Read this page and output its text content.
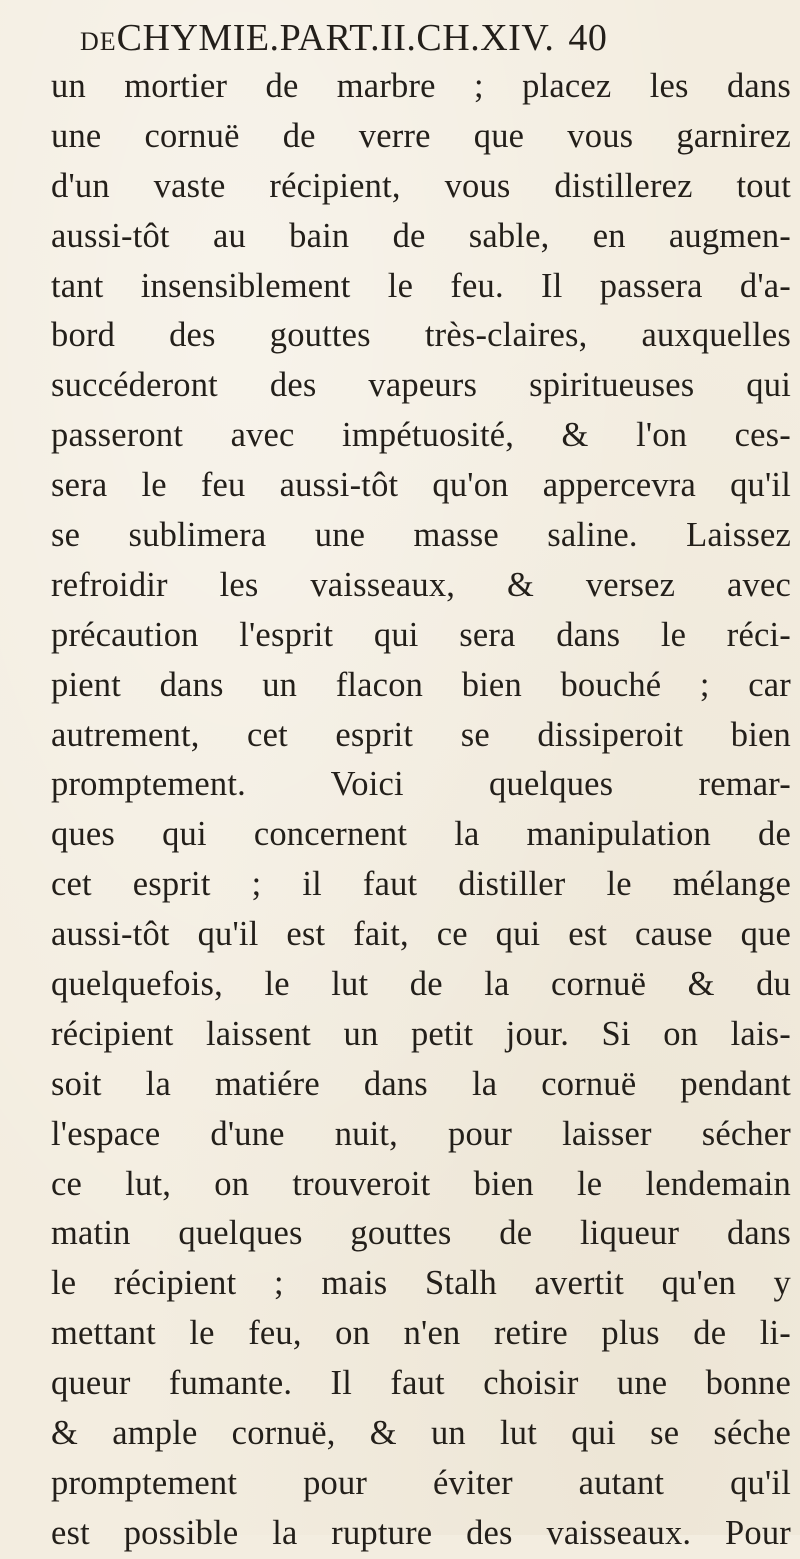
DECHYMIE.PART.II.CH.XIV. 40
un mortier de marbre ; placez les dans
une cornuë de verre que vous garnirez
d'un vaste récipient, vous distillerez tout
aussi-tôt au bain de sable, en augmen-
tant insensiblement le feu. Il passera d'a-
bord des gouttes très-claires, auxquelles
succéderont des vapeurs spiritueuses qui
passeront avec impétuosité, & l'on ces-
sera le feu aussi-tôt qu'on appercevra qu'il
se sublimera une masse saline. Laissez
refroidir les vaisseaux, & versez avec
précaution l'esprit qui sera dans le réci-
pient dans un flacon bien bouché ; car
autrement, cet esprit se dissiperoit bien
promptement. Voici quelques remar-
ques qui concernent la manipulation de
cet esprit ; il faut distiller le mélange
aussi-tôt qu'il est fait, ce qui est cause que
quelquefois, le lut de la cornuë & du
récipient laissent un petit jour. Si on lais-
soit la matiére dans la cornuë pendant
l'espace d'une nuit, pour laisser sécher
ce lut, on trouveroit bien le lendemain
matin quelques gouttes de liqueur dans
le récipient ; mais Stalh avertit qu'en y
mettant le feu, on n'en retire plus de li-
queur fumante. Il faut choisir une bonne
& ample cornuë, & un lut qui se séche
promptement pour éviter autant qu'il
est possible la rupture des vaisseaux. Pour
